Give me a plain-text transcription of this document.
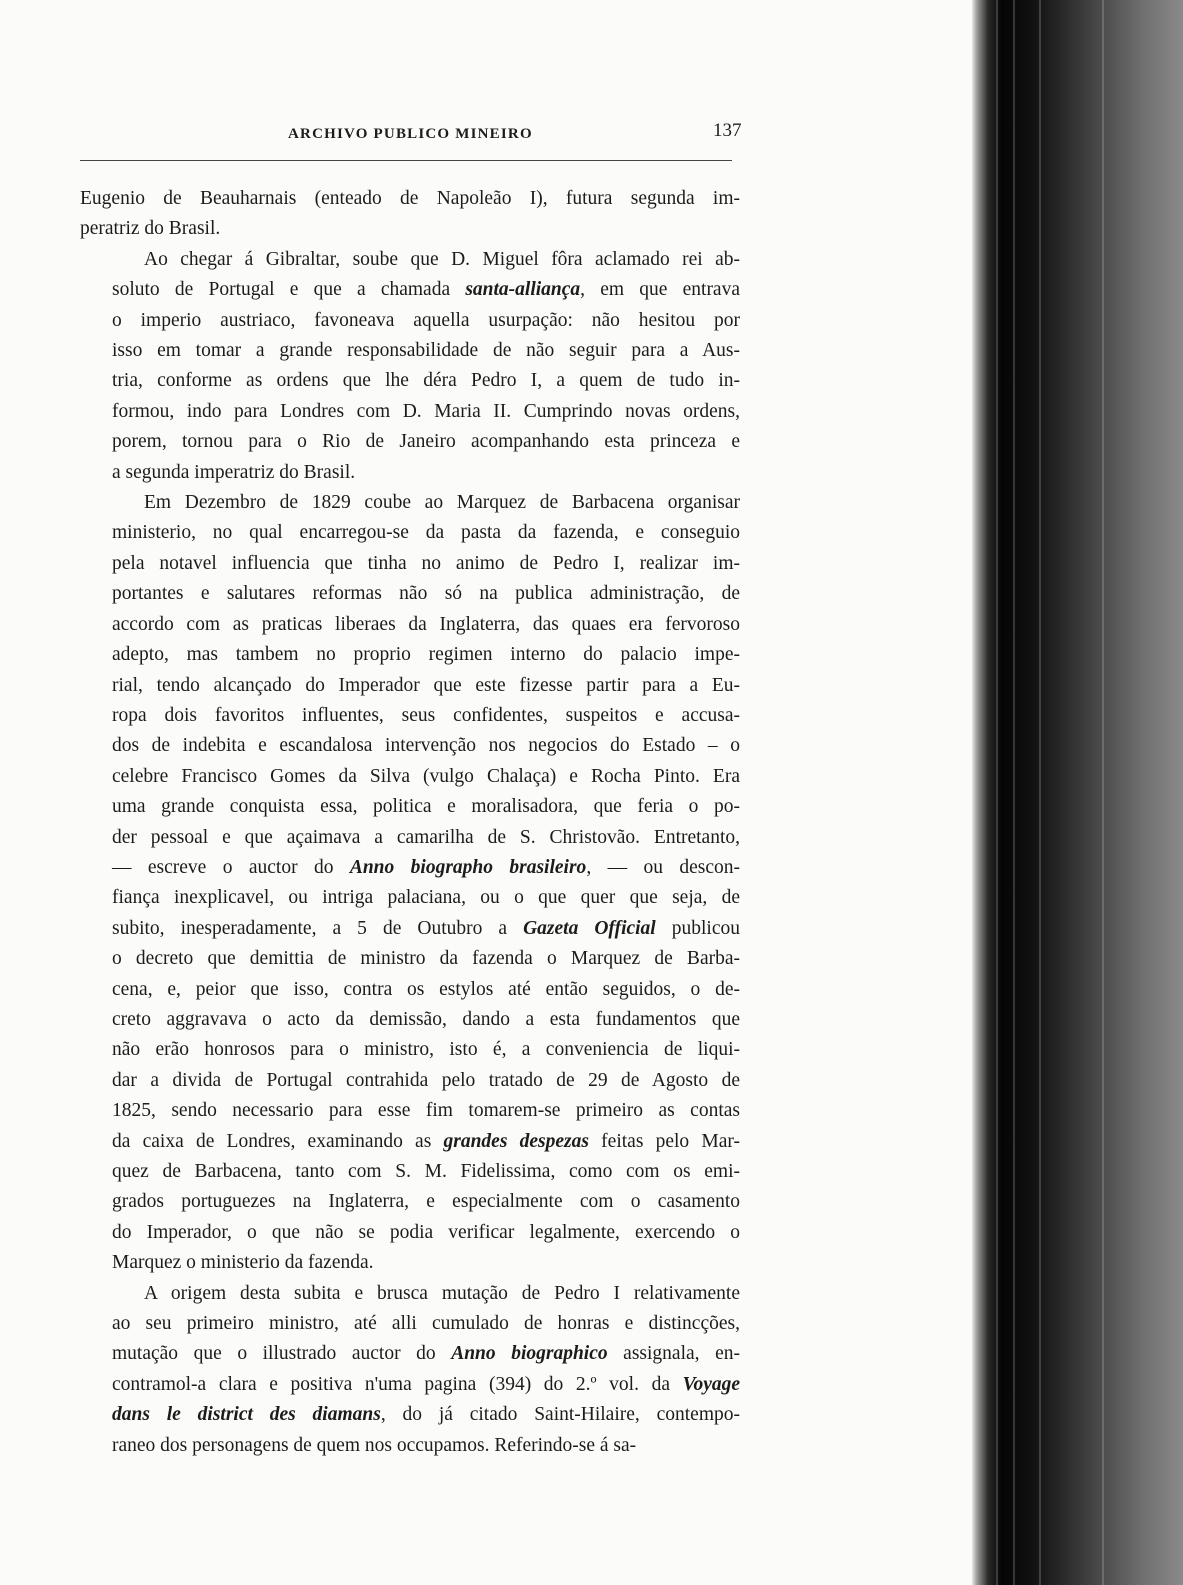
ARCHIVO PUBLICO MINEIRO	137
Eugenio de Beauharnais (enteado de Napoleão I), futura segunda im-
peratriz do Brasil.
Ao chegar á Gibraltar, soube que D. Miguel fôra aclamado rei ab-
soluto de Portugal e que a chamada santa-alliança, em que entrava
o imperio austriaco, favoneava aquella usurpação: não hesitou por
isso em tomar a grande responsabilidade de não seguir para a Aus-
tria, conforme as ordens que lhe déra Pedro I, a quem de tudo in-
formou, indo para Londres com D. Maria II. Cumprindo novas ordens,
porem, tornou para o Rio de Janeiro acompanhando esta princeza e
a segunda imperatriz do Brasil.
Em Dezembro de 1829 coube ao Marquez de Barbacena organisar
ministerio, no qual encarregou-se da pasta da fazenda, e conseguio
pela notavel influencia que tinha no animo de Pedro I, realizar im-
portantes e salutares reformas não só na publica administração, de
accordo com as praticas liberaes da Inglaterra, das quaes era fervoroso
adepto, mas tambem no proprio regimen interno do palacio impe-
rial, tendo alcançado do Imperador que este fizesse partir para a Eu-
ropa dois favoritos influentes, seus confidentes, suspeitos e accusa-
dos de indebita e escandalosa intervenção nos negocios do Estado – o
celebre Francisco Gomes da Silva (vulgo Chalaça) e Rocha Pinto. Era
uma grande conquista essa, politica e moralisadora, que feria o po-
der pessoal e que açaimava a camarilha de S. Christovão. Entretanto,
— escreve o auctor do Anno biographo brasileiro, — ou descon-
fiança inexplicavel, ou intriga palaciana, ou o que quer que seja, de
subito, inesperadamente, a 5 de Outubro a Gazeta Official publicou
o decreto que demittia de ministro da fazenda o Marquez de Barba-
cena, e, peior que isso, contra os estylos até então seguidos, o de-
creto aggravava o acto da demissão, dando a esta fundamentos que
não erão honrosos para o ministro, isto é, a conveniencia de liqui-
dar a divida de Portugal contrahida pelo tratado de 29 de Agosto de
1825, sendo necessario para esse fim tomarem-se primeiro as contas
da caixa de Londres, examinando as grandes despezas feitas pelo Mar-
quez de Barbacena, tanto com S. M. Fidelissima, como com os emi-
grados portuguezes na Inglaterra, e especialmente com o casamento
do Imperador, o que não se podia verificar legalmente, exercendo o
Marquez o ministerio da fazenda.
A origem desta subita e brusca mutação de Pedro I relativamente
ao seu primeiro ministro, até alli cumulado de honras e distincções,
mutação que o illustrado auctor do Anno biographico assignala, en-
contramol-a clara e positiva n'uma pagina (394) do 2.º vol. da Voyage
dans le district des diamans, do já citado Saint-Hilaire, contempo-
raneo dos personagens de quem nos occupamos. Referindo-se á sa-
